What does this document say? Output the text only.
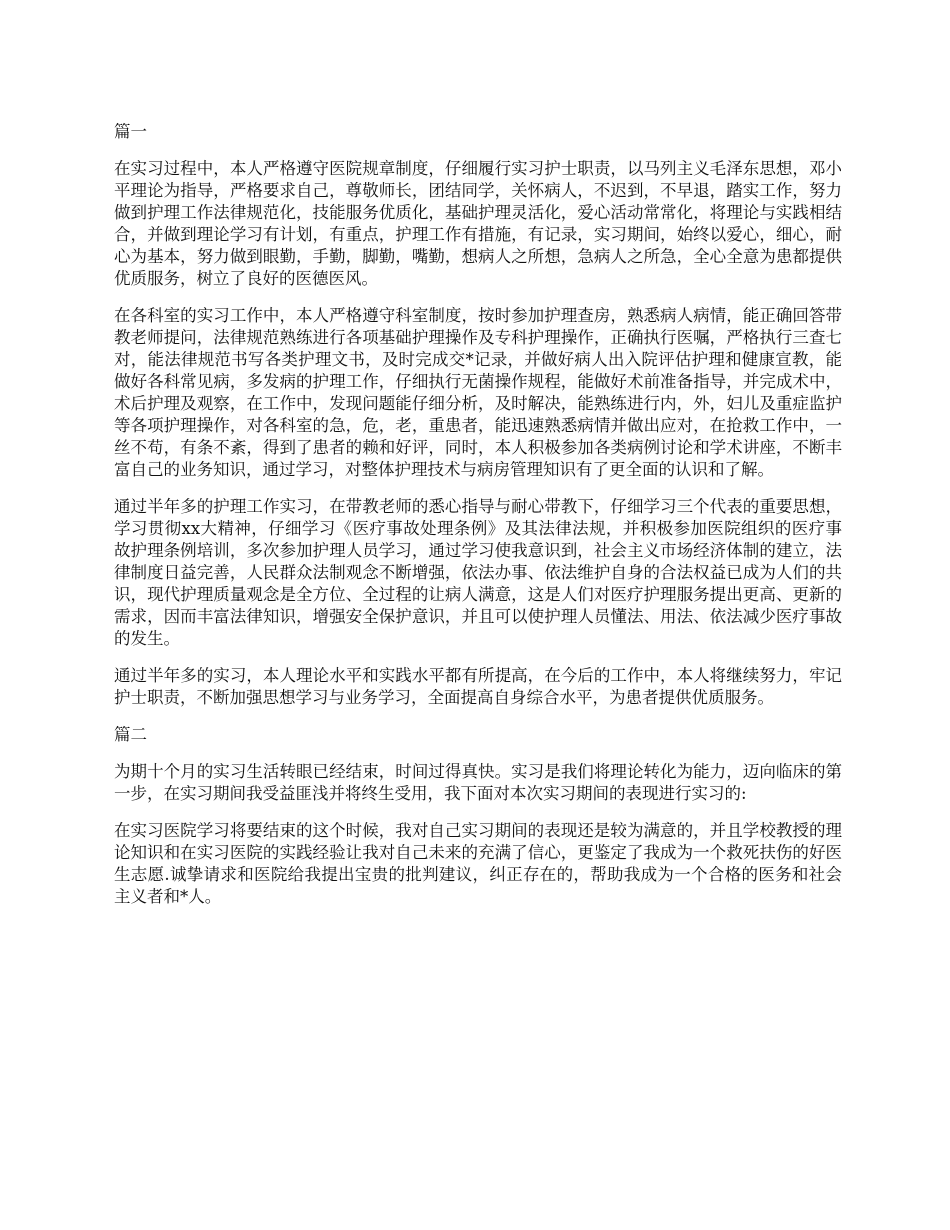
篇一

在实习过程中，本人严格遵守医院规章制度，仔细履行实习护士职责，以马列主义毛泽东思想，邓小平理论为指导，严格要求自己，尊敬师长，团结同学，关怀病人，不迟到，不早退，踏实工作，努力做到护理工作法律规范化，技能服务优质化，基础护理灵活化，爱心活动常常化，将理论与实践相结合，并做到理论学习有计划，有重点，护理工作有措施，有记录，实习期间，始终以爱心，细心，耐心为基本，努力做到眼勤，手勤，脚勤，嘴勤，想病人之所想，急病人之所急，全心全意为患都提供优质服务，树立了良好的医德医风。

在各科室的实习工作中，本人严格遵守科室制度，按时参加护理查房，熟悉病人病情，能正确回答带教老师提问，法律规范熟练进行各项基础护理操作及专科护理操作，正确执行医嘱，严格执行三查七对，能法律规范书写各类护理文书，及时完成交*记录，并做好病人出入院评估护理和健康宣教，能做好各科常见病，多发病的护理工作，仔细执行无菌操作规程，能做好术前准备指导，并完成术中，术后护理及观察，在工作中，发现问题能仔细分析，及时解决，能熟练进行内，外，妇儿及重症监护等各项护理操作，对各科室的急，危，老，重患者，能迅速熟悉病情并做出应对，在抢救工作中，一丝不苟，有条不紊，得到了患者的赖和好评，同时，本人积极参加各类病例讨论和学术讲座，不断丰富自己的业务知识，通过学习，对整体护理技术与病房管理知识有了更全面的认识和了解。

通过半年多的护理工作实习，在带教老师的悉心指导与耐心带教下，仔细学习三个代表的重要思想，学习贯彻xx大精神，仔细学习《医疗事故处理条例》及其法律法规，并积极参加医院组织的医疗事故护理条例培训，多次参加护理人员学习，通过学习使我意识到，社会主义市场经济体制的建立，法律制度日益完善，人民群众法制观念不断增强，依法办事、依法维护自身的合法权益已成为人们的共识，现代护理质量观念是全方位、全过程的让病人满意，这是人们对医疗护理服务提出更高、更新的需求，因而丰富法律知识，增强安全保护意识，并且可以使护理人员懂法、用法、依法减少医疗事故的发生。

通过半年多的实习，本人理论水平和实践水平都有所提高，在今后的工作中，本人将继续努力，牢记护士职责，不断加强思想学习与业务学习，全面提高自身综合水平，为患者提供优质服务。

篇二

为期十个月的实习生活转眼已经结束，时间过得真快。实习是我们将理论转化为能力，迈向临床的第一步，在实习期间我受益匪浅并将终生受用，我下面对本次实习期间的表现进行实习的:

在实习医院学习将要结束的这个时候，我对自己实习期间的表现还是较为满意的，并且学校教授的理论知识和在实习医院的实践经验让我对自己未来的充满了信心，更鉴定了我成为一个救死扶伤的好医生志愿.诚挚请求和医院给我提出宝贵的批判建议，纠正存在的，帮助我成为一个合格的医务和社会主义者和*人。
